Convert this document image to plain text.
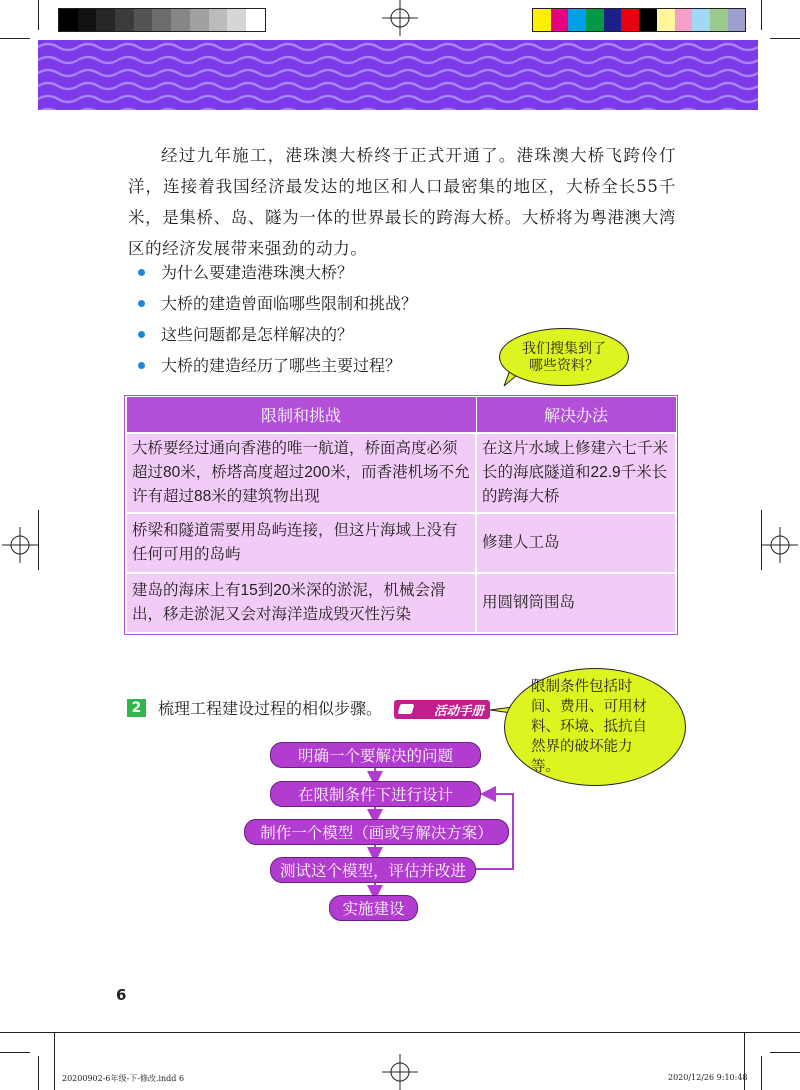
经过九年施工，港珠澳大桥终于正式开通了。港珠澳大桥飞跨伶仃洋，连接着我国经济最发达的地区和人口最密集的地区，大桥全长55千米，是集桥、岛、隧为一体的世界最长的跨海大桥。大桥将为粤港澳大湾区的经济发展带来强劲的动力。

为什么要建造港珠澳大桥？
大桥的建造曾面临哪些限制和挑战？
这些问题都是怎样解决的？
大桥的建造经历了哪些主要过程？
我们搜集到了哪些资料？
限制和挑战	解决办法
大桥要经过通向香港的唯一航道，桥面高度必须超过80米，桥塔高度超过200米，而香港机场不允许有超过88米的建筑物出现	在这片水域上修建六七千米长的海底隧道和22.9千米长的跨海大桥
桥梁和隧道需要用岛屿连接，但这片海域上没有任何可用的岛屿	修建人工岛
建岛的海床上有15到20米深的淤泥，机械会滑出，移走淤泥又会对海洋造成毁灭性污染	用圆钢筒围岛
2 梳理工程建设过程的相似步骤。	活动手册
限制条件包括时间、费用、可用材料、环境、抵抗自然界的破坏能力等。
明确一个要解决的问题
在限制条件下进行设计
制作一个模型（画或写解决方案）
测试这个模型，评估并改进
实施建设
6
20200902-6年级-下-修改.indd 6	2020/12/26 9:10:48
